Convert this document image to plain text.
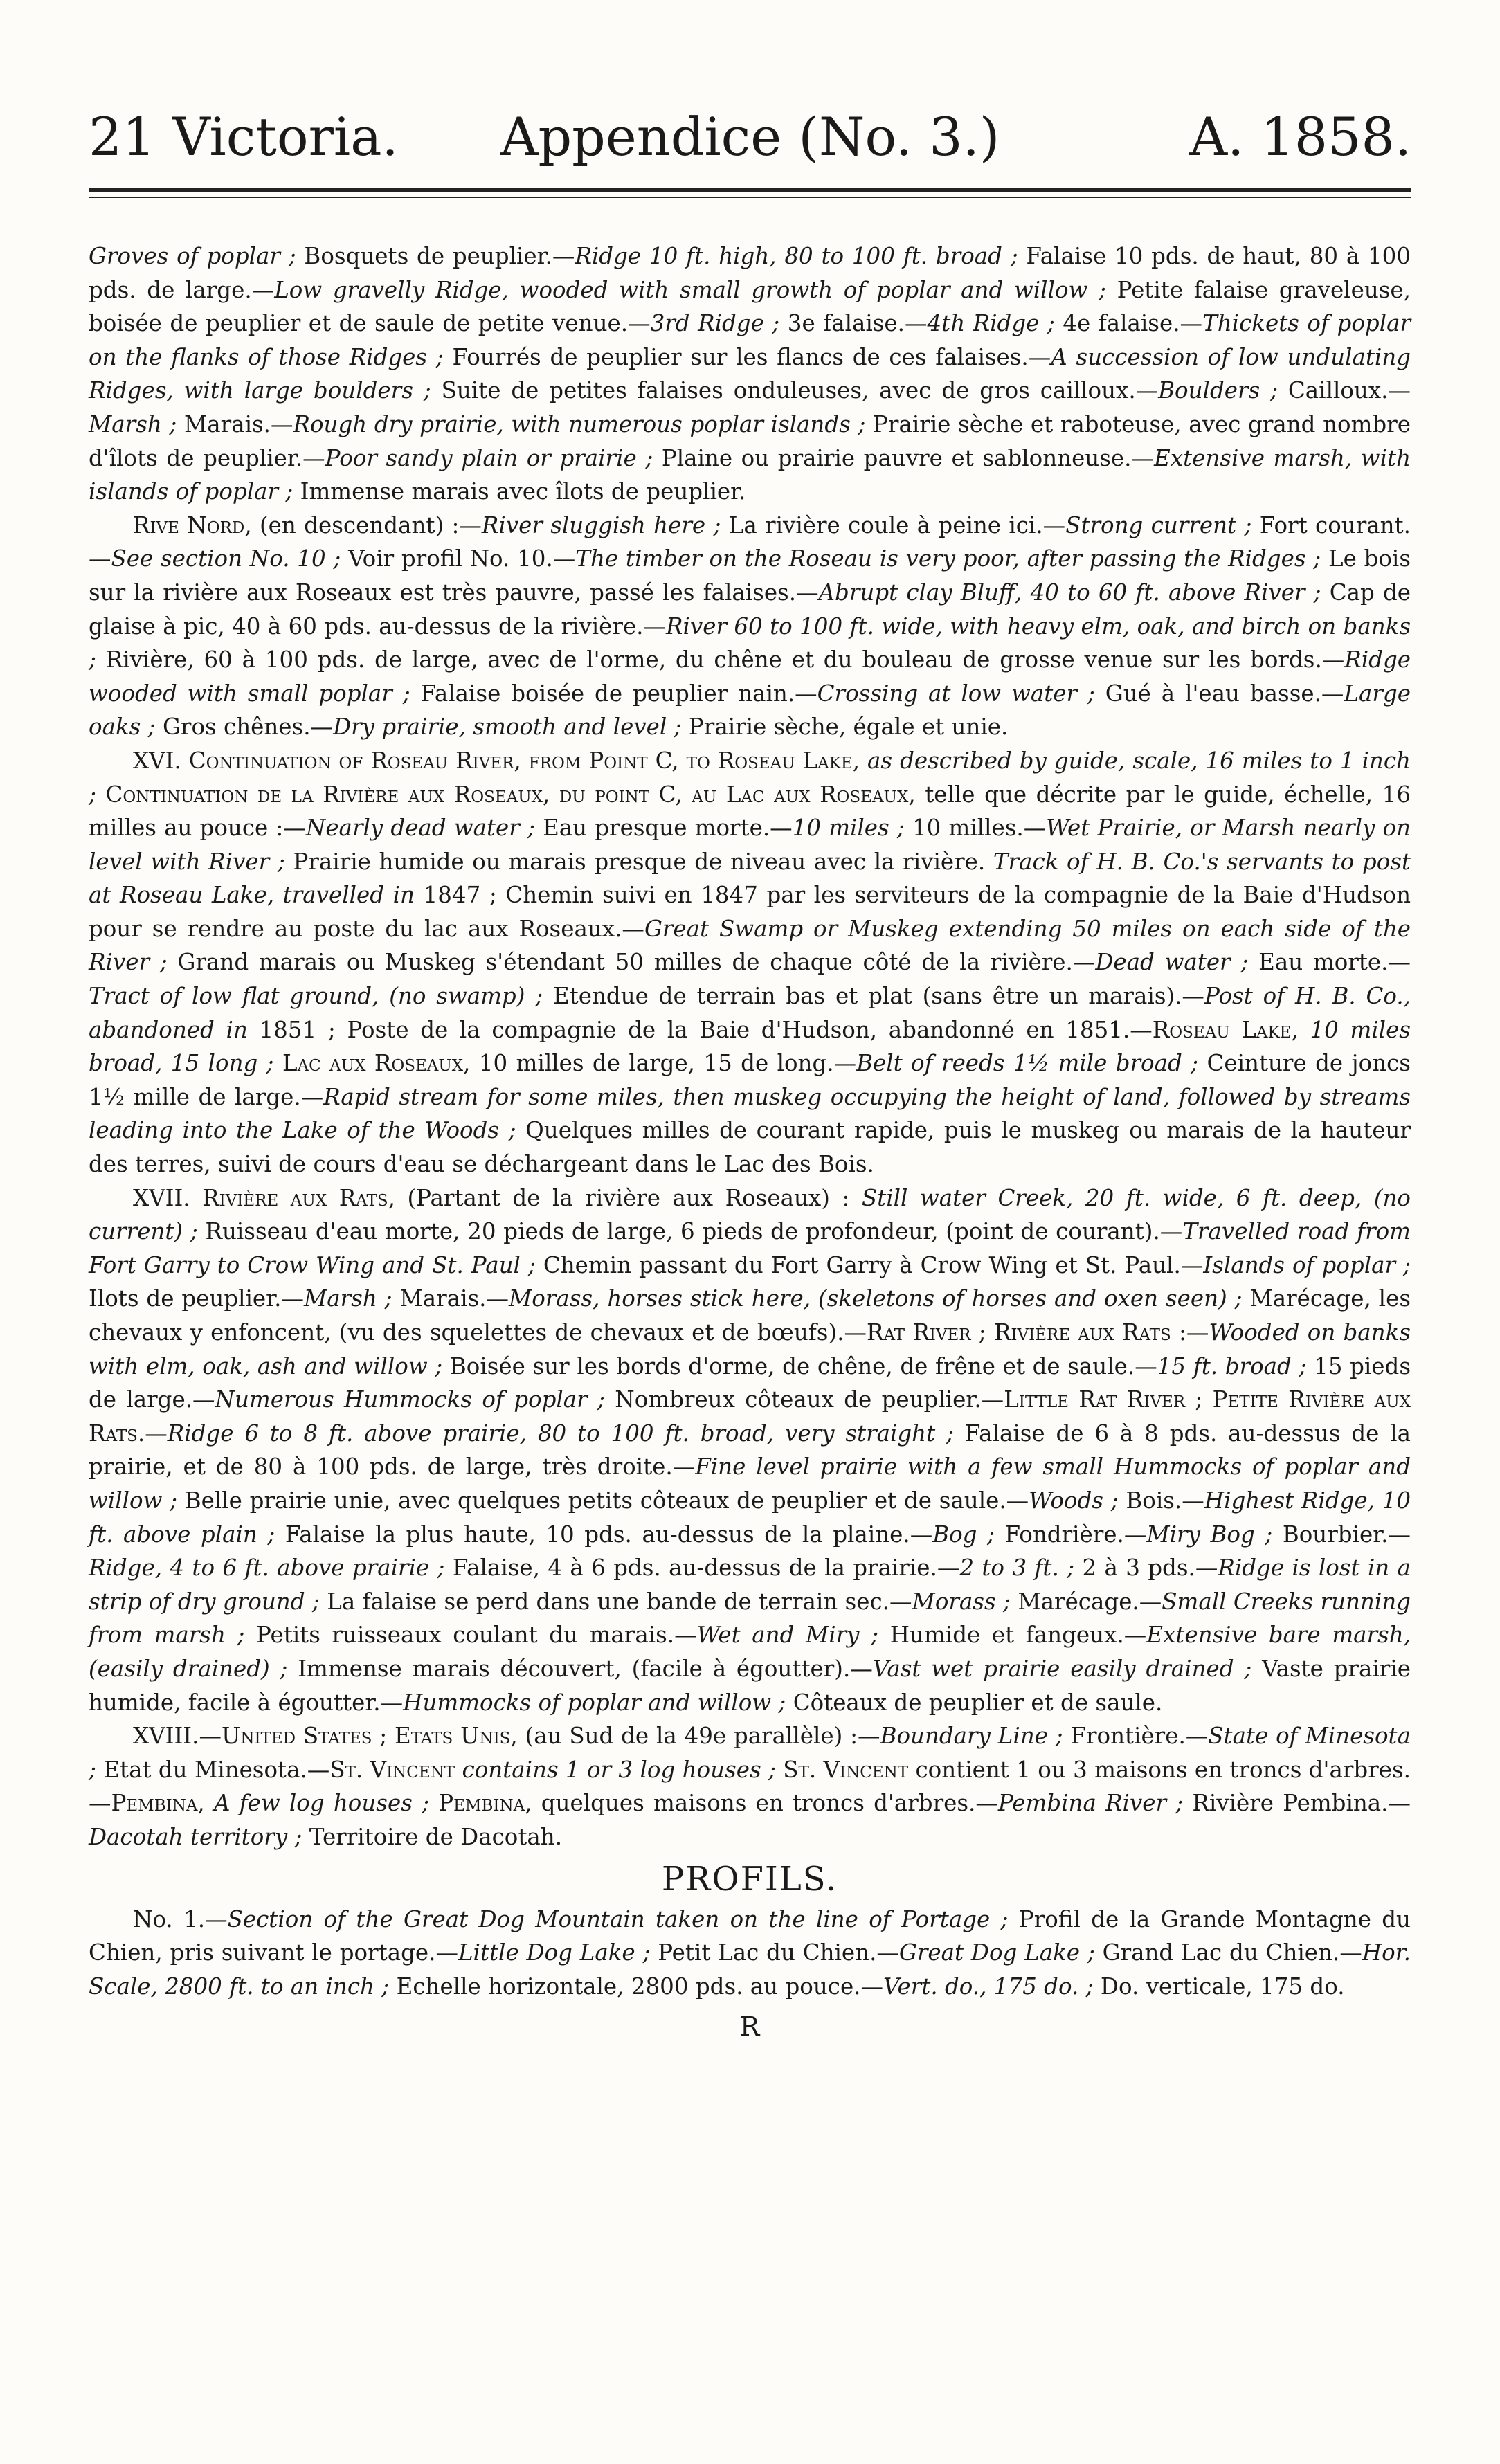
21 Victoria. Appendice (No. 3.)	A. 1858.

Groves of poplar ; Bosquets de peuplier.—Ridge 10 ft. high, 80 to 100 ft. broad ; Falaise 10 pds. de haut, 80 à 100 pds. de large.—Low gravelly Ridge, wooded with small growth of poplar and willow ; Petite falaise graveleuse, boisée de peuplier et de saule de petite venue.—3rd Ridge ; 3e falaise.—4th Ridge ; 4e falaise.—Thickets of poplar on the flanks of those Ridges ; Fourrés de peuplier sur les flancs de ces falaises.—A succession of low undulating Ridges, with large boulders ; Suite de petites falaises onduleuses, avec de gros cailloux.—Boulders ; Cailloux.—Marsh ; Marais.—Rough dry prairie, with numerous poplar islands ; Prairie sèche et raboteuse, avec grand nombre d'îlots de peuplier.—Poor sandy plain or prairie ; Plaine ou prairie pauvre et sablonneuse.—Extensive marsh, with islands of poplar ; Immense marais avec îlots de peuplier.

Rive Nord, (en descendant) :—River sluggish here ; La rivière coule à peine ici.—Strong current ; Fort courant.—See section No. 10 ; Voir profil No. 10.—The timber on the Roseau is very poor, after passing the Ridges ; Le bois sur la rivière aux Roseaux est très pauvre, passé les falaises.—Abrupt clay Bluff, 40 to 60 ft. above River ; Cap de glaise à pic, 40 à 60 pds. au-dessus de la rivière.—River 60 to 100 ft. wide, with heavy elm, oak, and birch on banks ; Rivière, 60 à 100 pds. de large, avec de l'orme, du chêne et du bouleau de grosse venue sur les bords.—Ridge wooded with small poplar ; Falaise boisée de peuplier nain.—Crossing at low water ; Gué à l'eau basse.—Large oaks ; Gros chênes.—Dry prairie, smooth and level ; Prairie sèche, égale et unie.

XVI. Continuation of Roseau River, from Point C, to Roseau Lake, as described by guide, scale, 16 miles to 1 inch ; Continuation de la Rivière aux Roseaux, du point C, au Lac aux Roseaux, telle que décrite par le guide, échelle, 16 milles au pouce :—Nearly dead water ; Eau presque morte.—10 miles ; 10 milles.—Wet Prairie, or Marsh nearly on level with River ; Prairie humide ou marais presque de niveau avec la rivière. Track of H. B. Co.'s servants to post at Roseau Lake, travelled in 1847 ; Chemin suivi en 1847 par les serviteurs de la compagnie de la Baie d'Hudson pour se rendre au poste du lac aux Roseaux.—Great Swamp or Muskeg extending 50 miles on each side of the River ; Grand marais ou Muskeg s'étendant 50 milles de chaque côté de la rivière.—Dead water ; Eau morte.—Tract of low flat ground, (no swamp) ; Etendue de terrain bas et plat (sans être un marais).—Post of H. B. Co., abandoned in 1851 ; Poste de la compagnie de la Baie d'Hudson, abandonné en 1851.—Roseau Lake, 10 miles broad, 15 long ; Lac aux Roseaux, 10 milles de large, 15 de long.—Belt of reeds 1½ mile broad ; Ceinture de joncs 1½ mille de large.—Rapid stream for some miles, then muskeg occupying the height of land, followed by streams leading into the Lake of the Woods ; Quelques milles de courant rapide, puis le muskeg ou marais de la hauteur des terres, suivi de cours d'eau se déchargeant dans le Lac des Bois.

XVII. Rivière aux Rats, (Partant de la rivière aux Roseaux) : Still water Creek, 20 ft. wide, 6 ft. deep, (no current) ; Ruisseau d'eau morte, 20 pieds de large, 6 pieds de profondeur, (point de courant).—Travelled road from Fort Garry to Crow Wing and St. Paul ; Chemin passant du Fort Garry à Crow Wing et St. Paul.—Islands of poplar ; Ilots de peuplier.—Marsh ; Marais.—Morass, horses stick here, (skeletons of horses and oxen seen) ; Marécage, les chevaux y enfoncent, (vu des squelettes de chevaux et de bœufs).—Rat River ; Rivière aux Rats :—Wooded on banks with elm, oak, ash and willow ; Boisée sur les bords d'orme, de chêne, de frêne et de saule.—15 ft. broad ; 15 pieds de large.—Numerous Hummocks of poplar ; Nombreux côteaux de peuplier.—Little Rat River ; Petite Rivière aux Rats.—Ridge 6 to 8 ft. above prairie, 80 to 100 ft. broad, very straight ; Falaise de 6 à 8 pds. au-dessus de la prairie, et de 80 à 100 pds. de large, très droite.—Fine level prairie with a few small Hummocks of poplar and willow ; Belle prairie unie, avec quelques petits côteaux de peuplier et de saule.—Woods ; Bois.—Highest Ridge, 10 ft. above plain ; Falaise la plus haute, 10 pds. au-dessus de la plaine.—Bog ; Fondrière.—Miry Bog ; Bourbier.—Ridge, 4 to 6 ft. above prairie ; Falaise, 4 à 6 pds. au-dessus de la prairie.—2 to 3 ft. ; 2 à 3 pds.—Ridge is lost in a strip of dry ground ; La falaise se perd dans une bande de terrain sec.—Morass ; Marécage.—Small Creeks running from marsh ; Petits ruisseaux coulant du marais.—Wet and Miry ; Humide et fangeux.—Extensive bare marsh, (easily drained) ; Immense marais découvert, (facile à égoutter).—Vast wet prairie easily drained ; Vaste prairie humide, facile à égoutter.—Hummocks of poplar and willow ; Côteaux de peuplier et de saule.

XVIII.—United States ; Etats Unis, (au Sud de la 49e parallèle) :—Boundary Line ; Frontière.—State of Minesota ; Etat du Minesota.—St. Vincent contains 1 or 3 log houses ; St. Vincent contient 1 ou 3 maisons en troncs d'arbres.—Pembina, A few log houses ; Pembina, quelques maisons en troncs d'arbres.—Pembina River ; Rivière Pembina.—Dacotah territory ; Territoire de Dacotah.

PROFILS.

No. 1.—Section of the Great Dog Mountain taken on the line of Portage ; Profil de la Grande Montagne du Chien, pris suivant le portage.—Little Dog Lake ; Petit Lac du Chien.—Great Dog Lake ; Grand Lac du Chien.—Hor. Scale, 2800 ft. to an inch ; Echelle horizontale, 2800 pds. au pouce.—Vert. do., 175 do. ; Do. verticale, 175 do.

R
